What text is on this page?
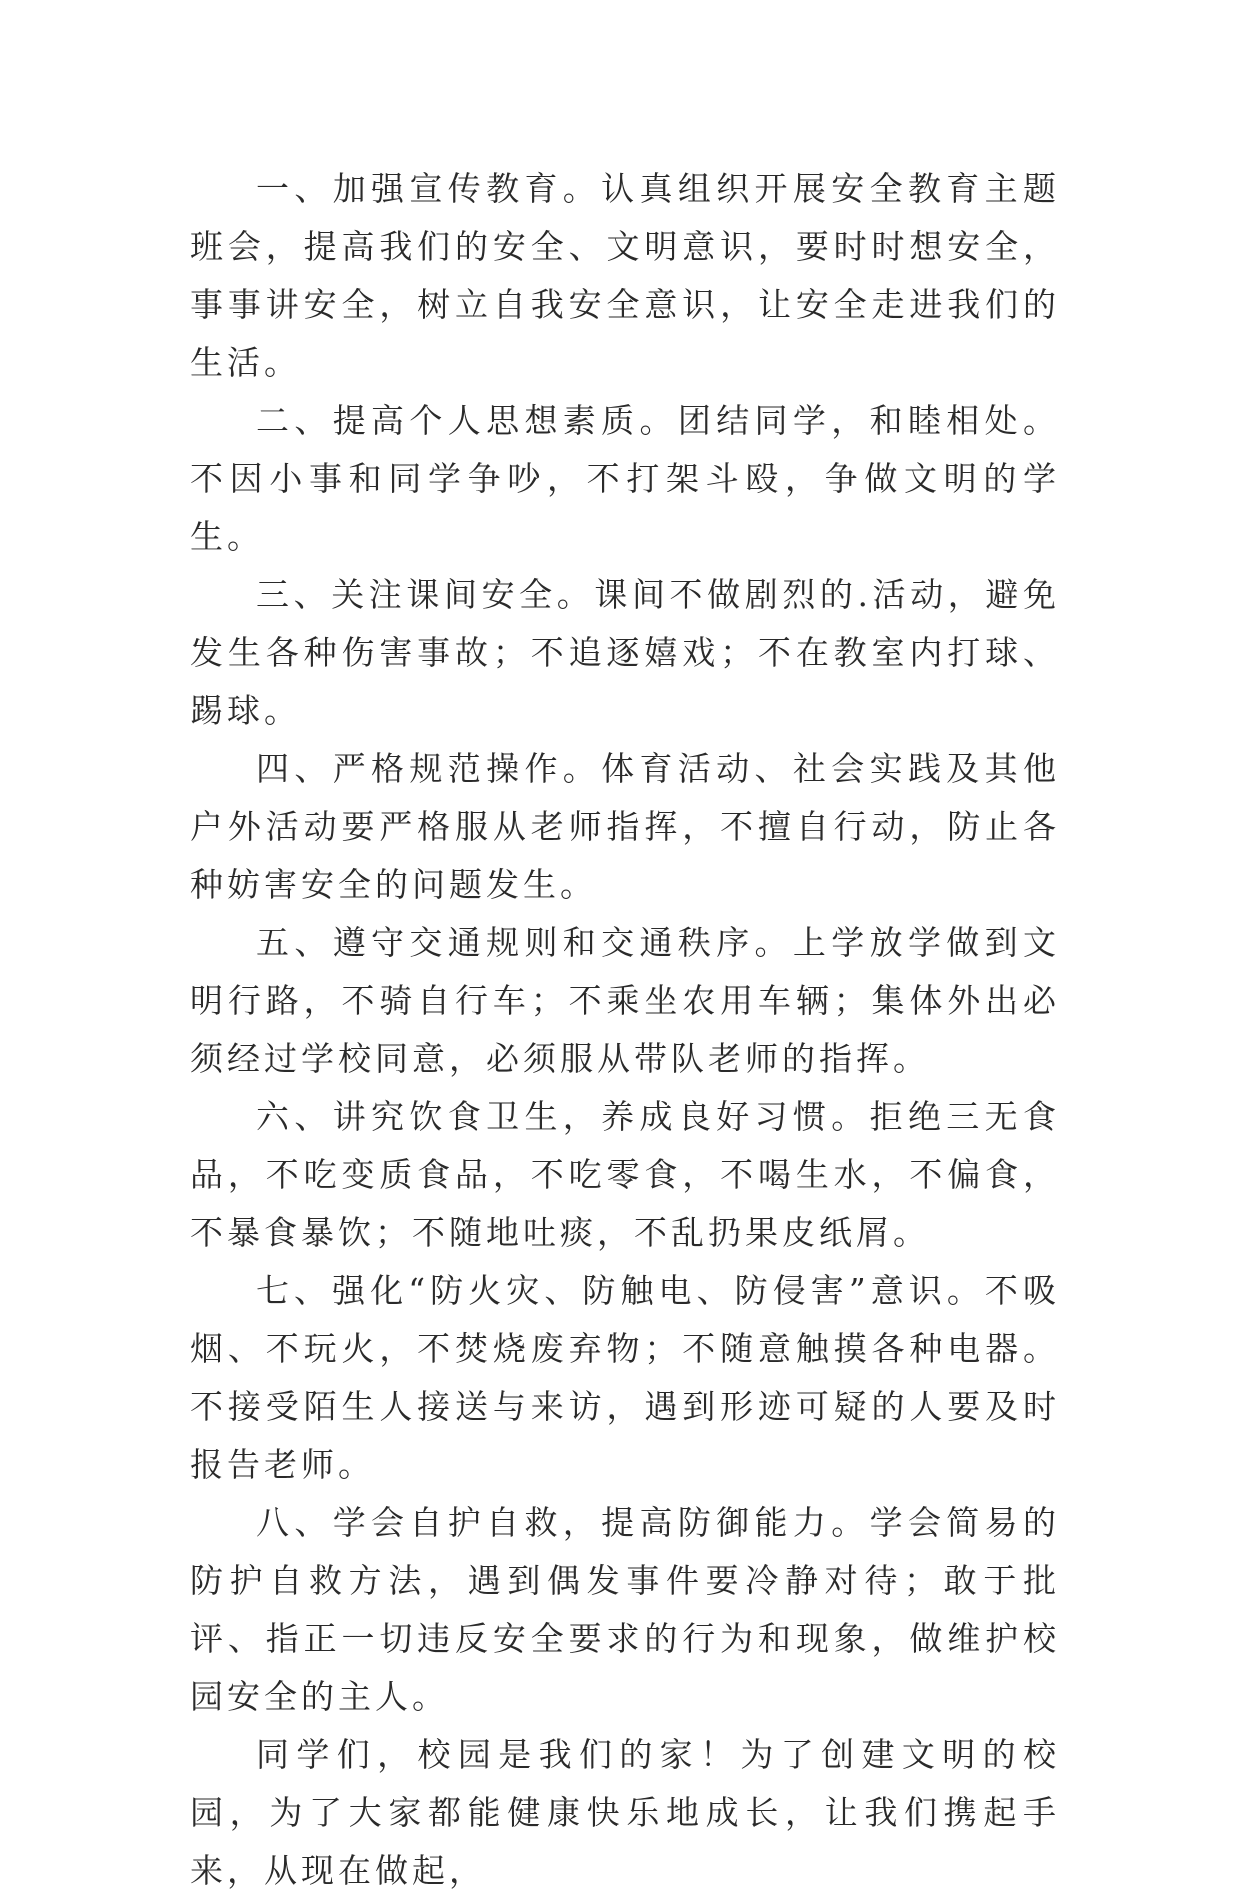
一、加强宣传教育。认真组织开展安全教育主题班会，提高我们的安全、文明意识，要时时想安全，事事讲安全，树立自我安全意识，让安全走进我们的生活。

二、提高个人思想素质。团结同学，和睦相处。不因小事和同学争吵，不打架斗殴，争做文明的学生。

三、关注课间安全。课间不做剧烈的.活动，避免发生各种伤害事故；不追逐嬉戏；不在教室内打球、踢球。

四、严格规范操作。体育活动、社会实践及其他户外活动要严格服从老师指挥，不擅自行动，防止各种妨害安全的问题发生。

五、遵守交通规则和交通秩序。上学放学做到文明行路，不骑自行车；不乘坐农用车辆；集体外出必须经过学校同意，必须服从带队老师的指挥。

六、讲究饮食卫生，养成良好习惯。拒绝三无食品，不吃变质食品，不吃零食，不喝生水，不偏食，不暴食暴饮；不随地吐痰，不乱扔果皮纸屑。

七、强化“防火灾、防触电、防侵害”意识。不吸烟、不玩火，不焚烧废弃物；不随意触摸各种电器。不接受陌生人接送与来访，遇到形迹可疑的人要及时报告老师。

八、学会自护自救，提高防御能力。学会简易的防护自救方法，遇到偶发事件要冷静对待；敢于批评、指正一切违反安全要求的行为和现象，做维护校园安全的主人。

同学们，校园是我们的家！为了创建文明的校园，为了大家都能健康快乐地成长，让我们携起手来，从现在做起，
